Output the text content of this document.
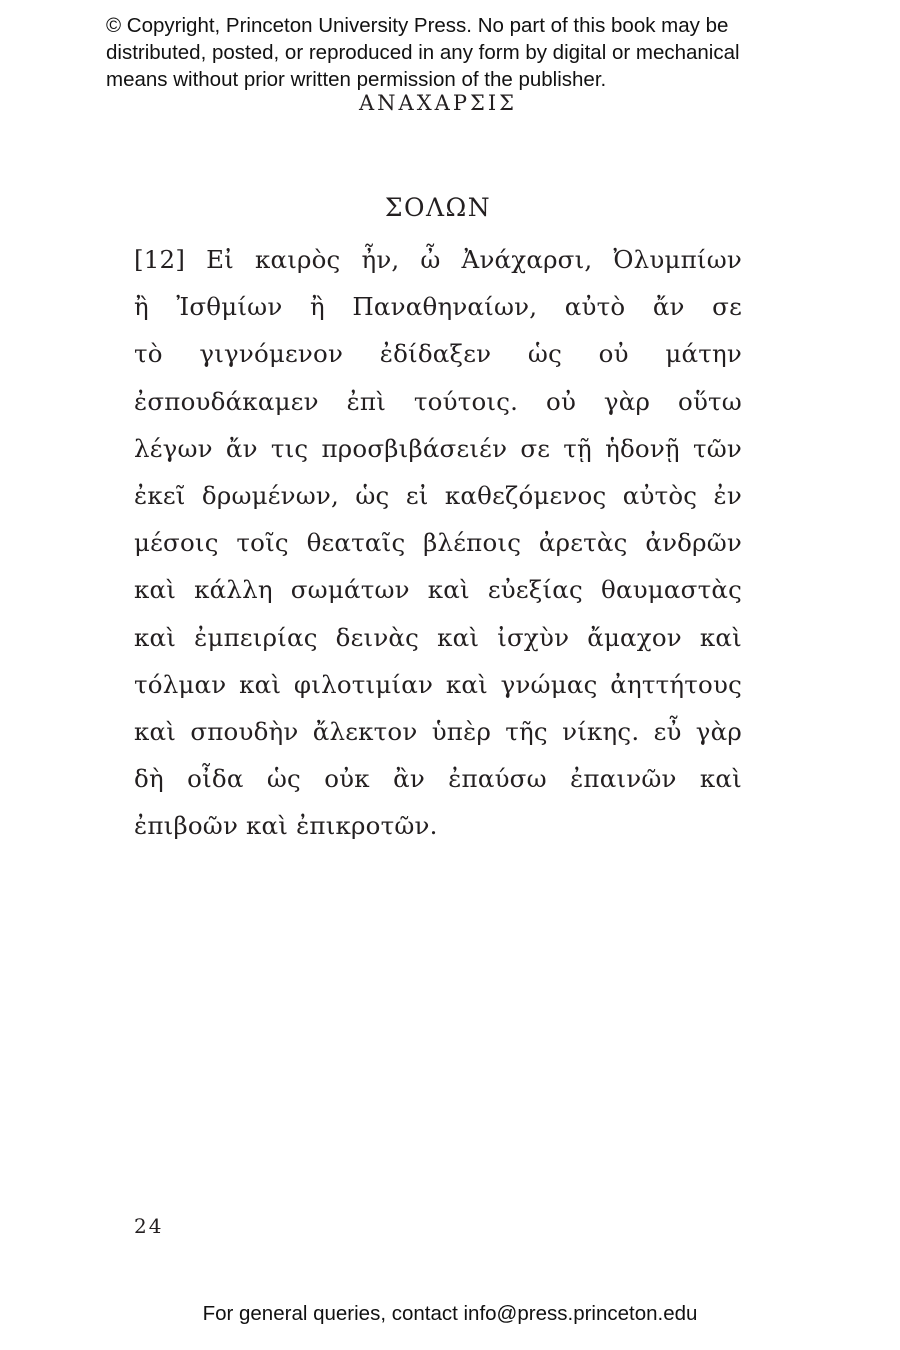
© Copyright, Princeton University Press. No part of this book may be
distributed, posted, or reproduced in any form by digital or mechanical
means without prior written permission of the publisher.
ΑΝΑΧΑΡΣΙΣ
ΣΟΛΩΝ
[12] Εἰ καιρὸς ἦν, ὦ Ἀνάχαρσι, Ὀλυμπίων
ἢ Ἰσθμίων ἢ Παναθηναίων, αὐτὸ ἄν σε
τὸ γιγνόμενον ἐδίδαξεν ὡς οὐ μάτην
ἐσπουδάκαμεν ἐπὶ τούτοις. οὐ γὰρ οὕτω
λέγων ἄν τις προσβιβάσειέν σε τῇ ἡδονῇ τῶν
ἐκεῖ δρωμένων, ὡς εἰ καθεζόμενος αὐτὸς ἐν
μέσοις τοῖς θεαταῖς βλέποις ἀρετὰς ἀνδρῶν
καὶ κάλλη σωμάτων καὶ εὐεξίας θαυμαστὰς
καὶ ἐμπειρίας δεινὰς καὶ ἰσχὺν ἄμαχον καὶ
τόλμαν καὶ φιλοτιμίαν καὶ γνώμας ἀηττήτους
καὶ σπουδὴν ἄλεκτον ὑπὲρ τῆς νίκης. εὖ γὰρ
δὴ οἶδα ὡς οὐκ ἂν ἐπαύσω ἐπαινῶν καὶ
ἐπιβοῶν καὶ ἐπικροτῶν.
24
For general queries, contact info@press.princeton.edu
